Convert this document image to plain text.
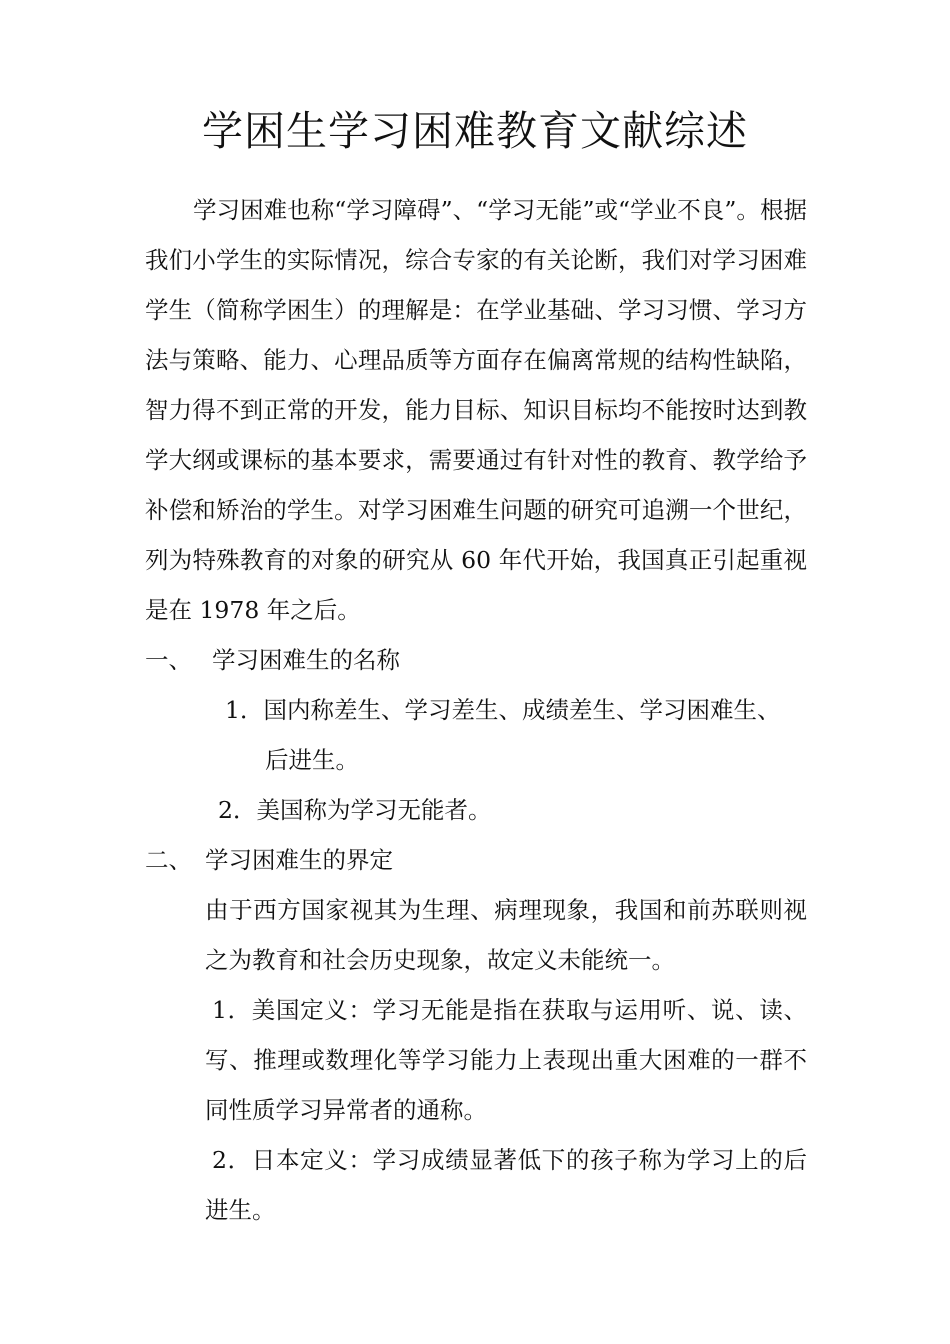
学困生学习困难教育文献综述
学习困难也称“学习障碍”、“学习无能”或“学业不良”。根据
我们小学生的实际情况，综合专家的有关论断，我们对学习困难
学生（简称学困生）的理解是：在学业基础、学习习惯、学习方
法与策略、能力、心理品质等方面存在偏离常规的结构性缺陷，
智力得不到正常的开发，能力目标、知识目标均不能按时达到教
学大纲或课标的基本要求，需要通过有针对性的教育、教学给予
补偿和矫治的学生。对学习困难生问题的研究可追溯一个世纪，
列为特殊教育的对象的研究从 60 年代开始，我国真正引起重视
是在 1978 年之后。
一、 学习困难生的名称
1．国内称差生、学习差生、成绩差生、学习困难生、
后进生。
2．美国称为学习无能者。
二、 学习困难生的界定
由于西方国家视其为生理、病理现象，我国和前苏联则视
之为教育和社会历史现象，故定义未能统一。
1．美国定义：学习无能是指在获取与运用听、说、读、
写、推理或数理化等学习能力上表现出重大困难的一群不
同性质学习异常者的通称。
2．日本定义：学习成绩显著低下的孩子称为学习上的后
进生。
